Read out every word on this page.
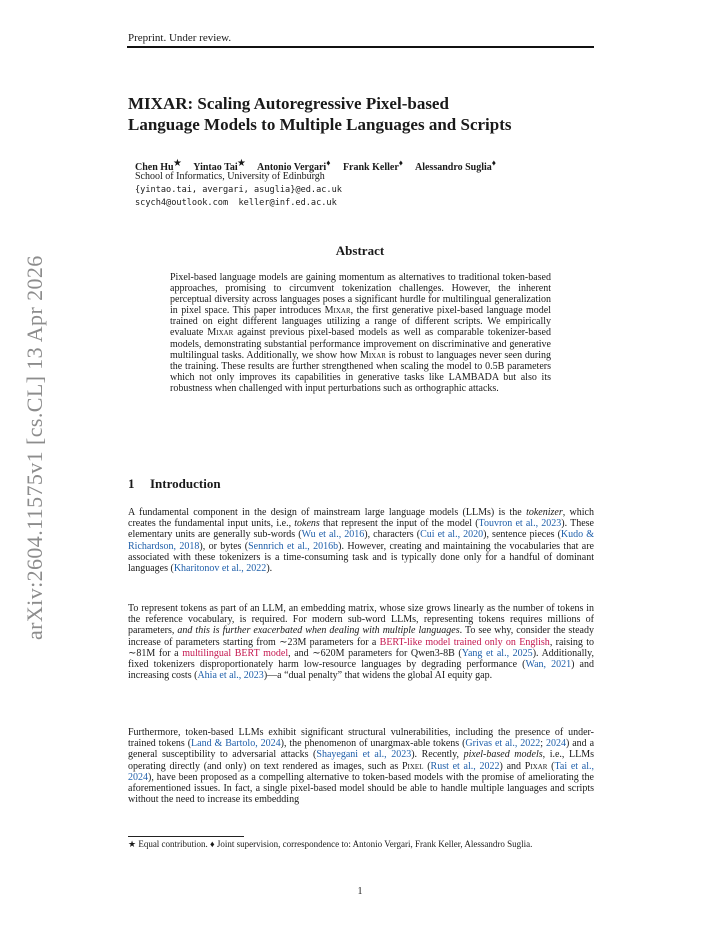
Preprint. Under review.
arXiv:2604.11575v1 [cs.CL] 13 Apr 2026
MIXAR: Scaling Autoregressive Pixel-based
Language Models to Multiple Languages and Scripts
Chen Hu★ Yintao Tai★ Antonio Vergari♦ Frank Keller♦ Alessandro Suglia♦
School of Informatics, University of Edinburgh
{yintao.tai, avergari, asuglia}@ed.ac.uk
scych4@outlook.com  keller@inf.ed.ac.uk
Abstract
Pixel-based language models are gaining momentum as alternatives to traditional token-based approaches, promising to circumvent tokenization challenges. However, the inherent perceptual diversity across languages poses a significant hurdle for multilingual generalization in pixel space. This paper introduces Mixar, the first generative pixel-based language model trained on eight different languages utilizing a range of different scripts. We empirically evaluate Mixar against previous pixel-based models as well as comparable tokenizer-based models, demonstrating substantial performance improvement on discriminative and generative multilingual tasks. Additionally, we show how Mixar is robust to languages never seen during the training. These results are further strengthened when scaling the model to 0.5B parameters which not only improves its capabilities in generative tasks like LAMBADA but also its robustness when challenged with input perturbations such as orthographic attacks.
1 Introduction
A fundamental component in the design of mainstream large language models (LLMs) is the tokenizer, which creates the fundamental input units, i.e., tokens that represent the input of the model (Touvron et al., 2023). These elementary units are generally sub-words (Wu et al., 2016), characters (Cui et al., 2020), sentence pieces (Kudo & Richardson, 2018), or bytes (Sennrich et al., 2016b). However, creating and maintaining the vocabularies that are associated with these tokenizers is a time-consuming task and is typically done only for a handful of dominant languages (Kharitonov et al., 2022).
To represent tokens as part of an LLM, an embedding matrix, whose size grows linearly as the number of tokens in the reference vocabulary, is required. For modern sub-word LLMs, representing tokens requires millions of parameters, and this is further exacerbated when dealing with multiple languages. To see why, consider the steady increase of parameters starting from ∼23M parameters for a BERT-like model trained only on English, raising to ∼81M for a multilingual BERT model, and ∼620M parameters for Qwen3-8B (Yang et al., 2025). Additionally, fixed tokenizers disproportionately harm low-resource languages by degrading performance (Wan, 2021) and increasing costs (Ahia et al., 2023)—a “dual penalty” that widens the global AI equity gap.
Furthermore, token-based LLMs exhibit significant structural vulnerabilities, including the presence of under-trained tokens (Land & Bartolo, 2024), the phenomenon of unargmax-able tokens (Grivas et al., 2022; 2024) and a general susceptibility to adversarial attacks (Shayegani et al., 2023). Recently, pixel-based models, i.e., LLMs operating directly (and only) on text rendered as images, such as Pixel (Rust et al., 2022) and Pixar (Tai et al., 2024), have been proposed as a compelling alternative to token-based models with the promise of ameliorating the aforementioned issues. In fact, a single pixel-based model should be able to handle multiple languages and scripts without the need to increase its embedding
★ Equal contribution. ♦ Joint supervision, correspondence to: Antonio Vergari, Frank Keller, Alessandro Suglia.
1
